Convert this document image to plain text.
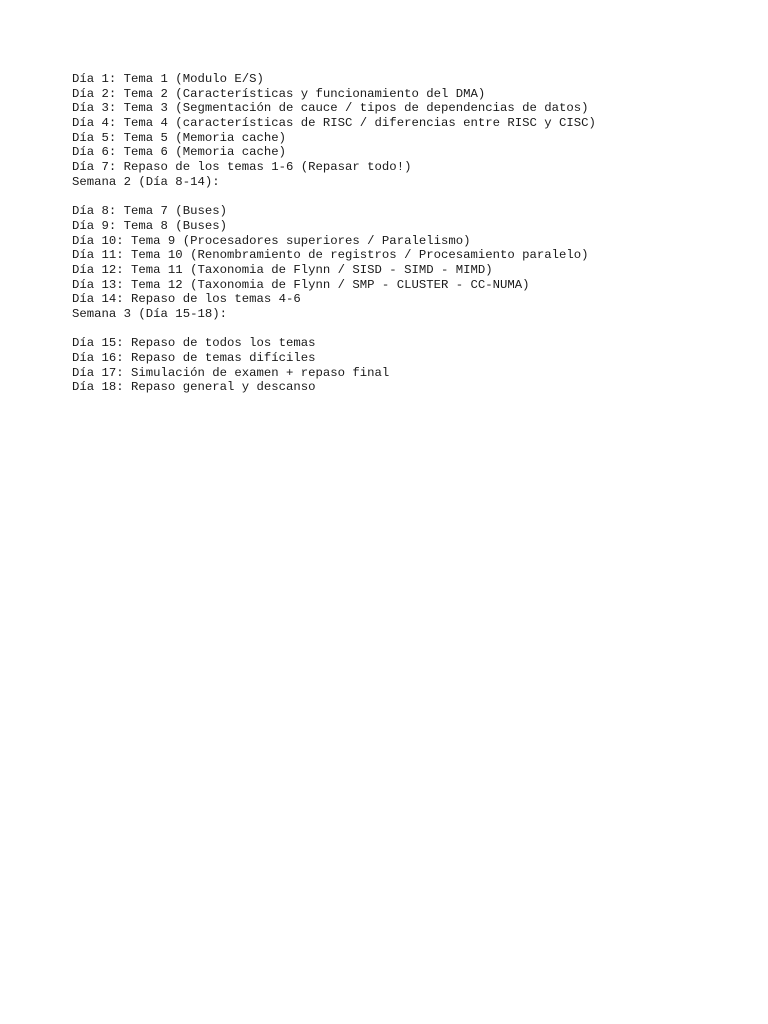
Día 1: Tema 1 (Modulo E/S)
Día 2: Tema 2 (Características y funcionamiento del DMA)
Día 3: Tema 3 (Segmentación de cauce / tipos de dependencias de datos)
Día 4: Tema 4 (características de RISC / diferencias entre RISC y CISC)
Día 5: Tema 5 (Memoria cache)
Día 6: Tema 6 (Memoria cache)
Día 7: Repaso de los temas 1-6 (Repasar todo!)
Semana 2 (Día 8-14):
Día 8: Tema 7 (Buses)
Día 9: Tema 8 (Buses)
Día 10: Tema 9 (Procesadores superiores / Paralelismo)
Día 11: Tema 10 (Renombramiento de registros / Procesamiento paralelo)
Día 12: Tema 11 (Taxonomia de Flynn / SISD - SIMD - MIMD)
Día 13: Tema 12 (Taxonomia de Flynn / SMP - CLUSTER - CC-NUMA)
Día 14: Repaso de los temas 4-6
Semana 3 (Día 15-18):
Día 15: Repaso de todos los temas
Día 16: Repaso de temas difíciles
Día 17: Simulación de examen + repaso final
Día 18: Repaso general y descanso
